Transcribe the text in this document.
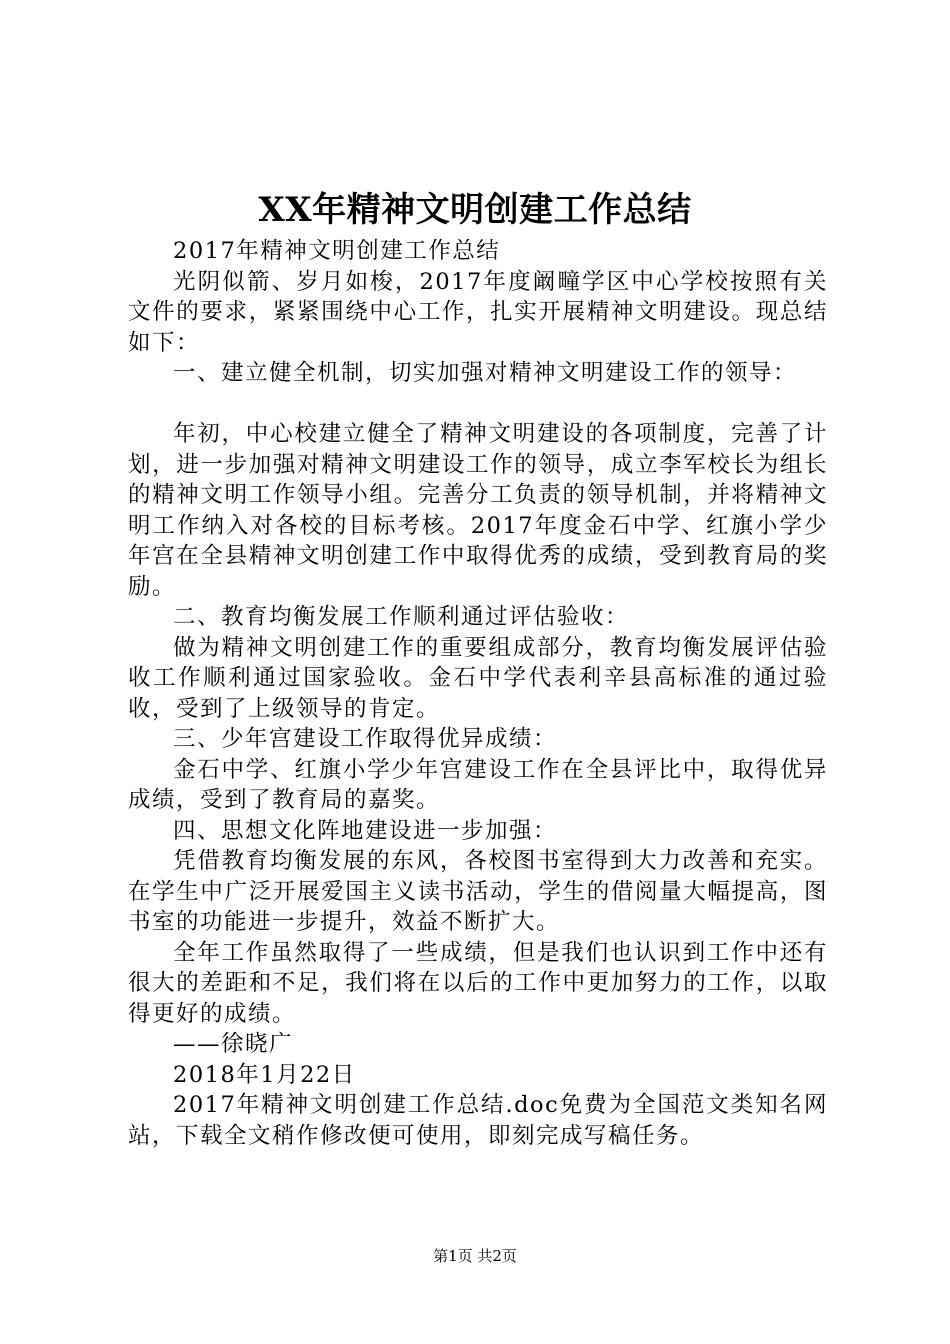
XX年精神文明创建工作总结

2017年精神文明创建工作总结

光阴似箭、岁月如梭，2017年度阚疃学区中心学校按照有关文件的要求，紧紧围绕中心工作，扎实开展精神文明建设。现总结如下：

一、建立健全机制，切实加强对精神文明建设工作的领导：

年初，中心校建立健全了精神文明建设的各项制度，完善了计划，进一步加强对精神文明建设工作的领导，成立李军校长为组长的精神文明工作领导小组。完善分工负责的领导机制，并将精神文明工作纳入对各校的目标考核。2017年度金石中学、红旗小学少年宫在全县精神文明创建工作中取得优秀的成绩，受到教育局的奖励。

二、教育均衡发展工作顺利通过评估验收：

做为精神文明创建工作的重要组成部分，教育均衡发展评估验收工作顺利通过国家验收。金石中学代表利辛县高标准的通过验收，受到了上级领导的肯定。

三、少年宫建设工作取得优异成绩：

金石中学、红旗小学少年宫建设工作在全县评比中，取得优异成绩，受到了教育局的嘉奖。

四、思想文化阵地建设进一步加强：

凭借教育均衡发展的东风，各校图书室得到大力改善和充实。在学生中广泛开展爱国主义读书活动，学生的借阅量大幅提高，图书室的功能进一步提升，效益不断扩大。

全年工作虽然取得了一些成绩，但是我们也认识到工作中还有很大的差距和不足，我们将在以后的工作中更加努力的工作，以取得更好的成绩。

——徐晓广

2018年1月22日

2017年精神文明创建工作总结.doc免费为全国范文类知名网站，下载全文稍作修改便可使用，即刻完成写稿任务。

第1页 共2页
